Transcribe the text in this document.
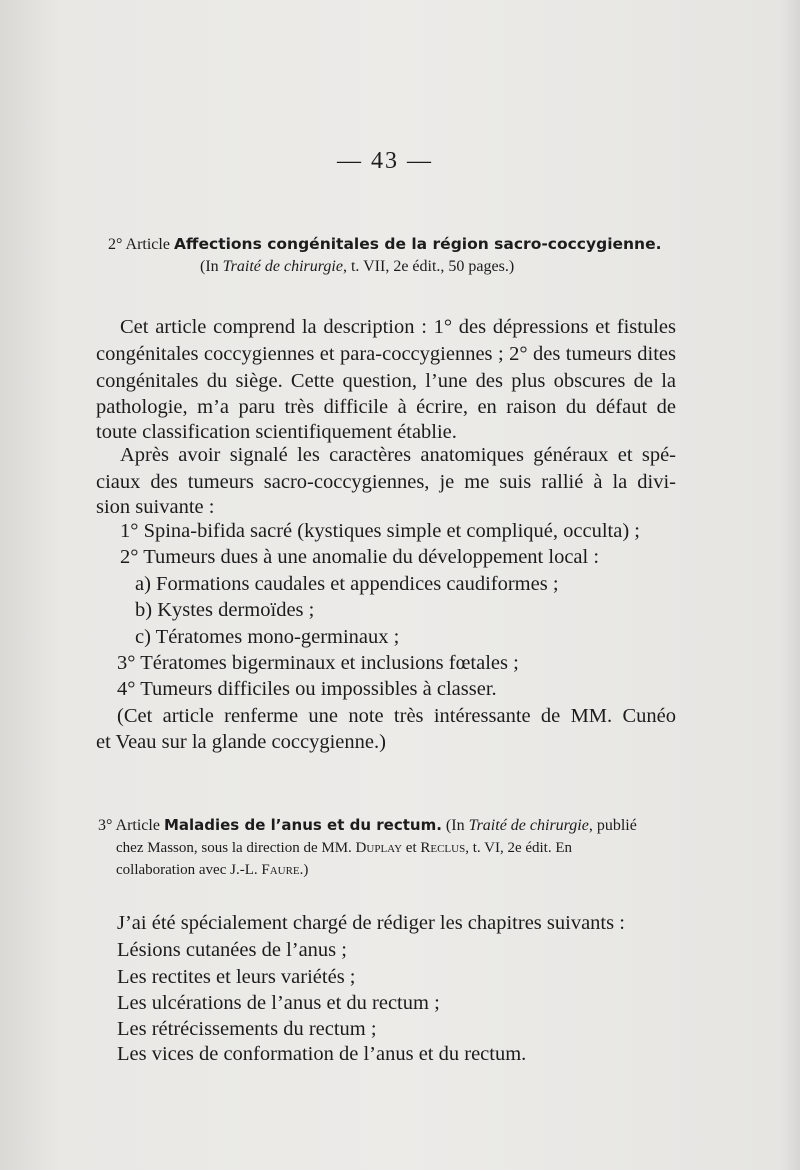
— 43 —
2° Article Affections congénitales de la région sacro-coccygienne.
(In Traité de chirurgie, t. VII, 2e édit., 50 pages.)
Cet article comprend la description : 1° des dépressions et fistules
congénitales coccygiennes et para-coccygiennes ; 2° des tumeurs dites
congénitales du siège. Cette question, l’une des plus obscures de la
pathologie, m’a paru très difficile à écrire, en raison du défaut de
toute classification scientifiquement établie.
Après avoir signalé les caractères anatomiques généraux et spé-
ciaux des tumeurs sacro-coccygiennes, je me suis rallié à la divi-
sion suivante :
1° Spina-bifida sacré (kystiques simple et compliqué, occulta) ;
2° Tumeurs dues à une anomalie du développement local :
a) Formations caudales et appendices caudiformes ;
b) Kystes dermoïdes ;
c) Tératomes mono-germinaux ;
3° Tératomes bigerminaux et inclusions fœtales ;
4° Tumeurs difficiles ou impossibles à classer.
(Cet article renferme une note très intéressante de MM. Cunéo
et Veau sur la glande coccygienne.)
3° Article Maladies de l’anus et du rectum. (In Traité de chirurgie, publié
chez Masson, sous la direction de MM. Duplay et Reclus, t. VI, 2e édit. En
collaboration avec J.-L. Faure.)
J’ai été spécialement chargé de rédiger les chapitres suivants :
Lésions cutanées de l’anus ;
Les rectites et leurs variétés ;
Les ulcérations de l’anus et du rectum ;
Les rétrécissements du rectum ;
Les vices de conformation de l’anus et du rectum.
